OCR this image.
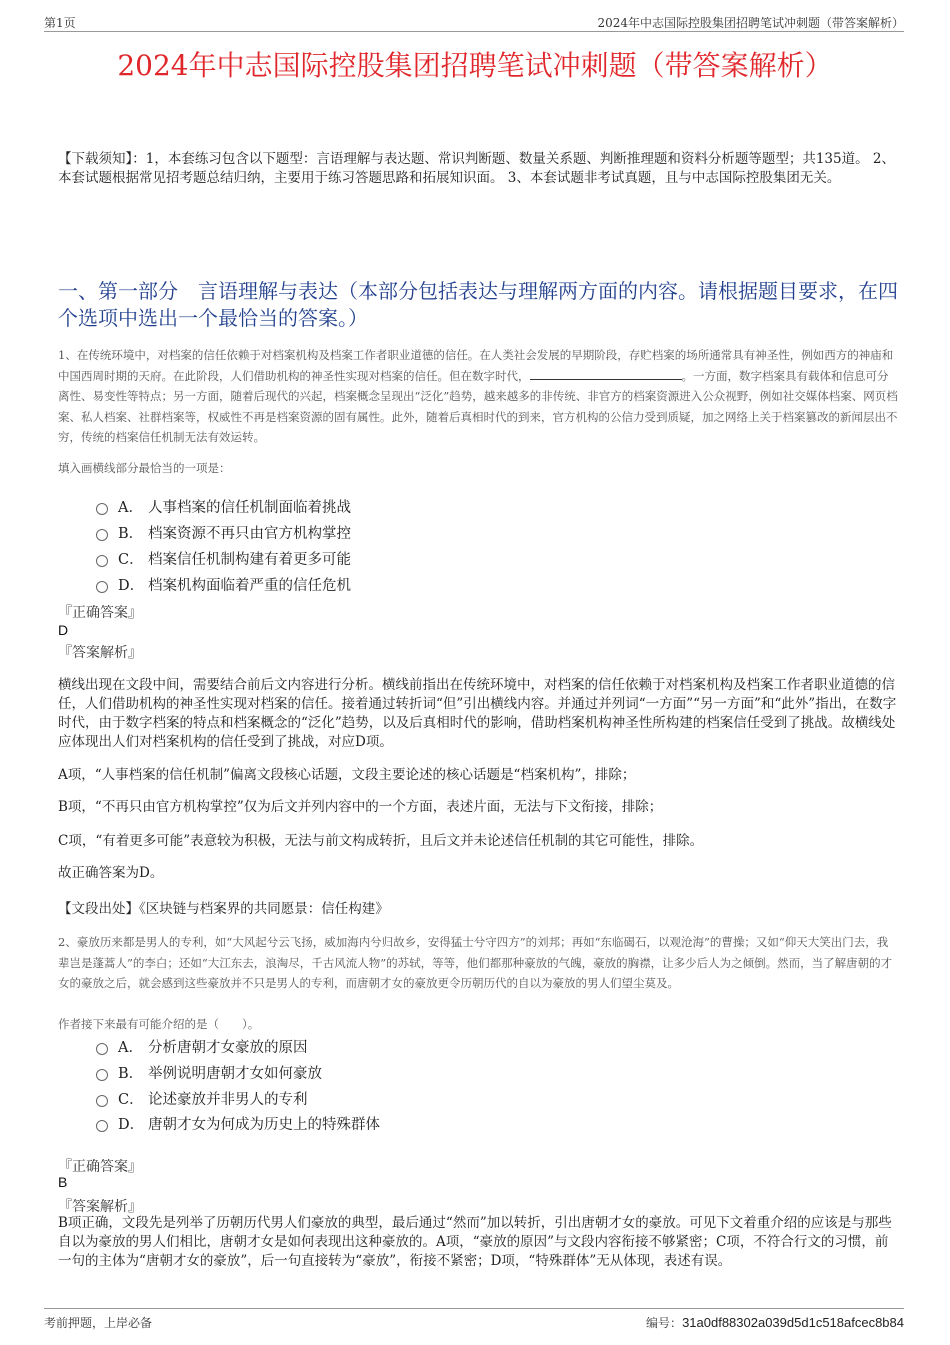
第1页	2024年中志国际控股集团招聘笔试冲刺题（带答案解析）
2024年中志国际控股集团招聘笔试冲刺题（带答案解析）
【下载须知】：1，本套练习包含以下题型：言语理解与表达题、常识判断题、数量关系题、判断推理题和资料分析题等题型；共135道。 2、本套试题根据常见招考题总结归纳，主要用于练习答题思路和拓展知识面。 3、本套试题非考试真题，且与中志国际控股集团无关。
一、第一部分　言语理解与表达（本部分包括表达与理解两方面的内容。请根据题目要求，在四个选项中选出一个最恰当的答案。）
1、在传统环境中，对档案的信任依赖于对档案机构及档案工作者职业道德的信任。在人类社会发展的早期阶段，存贮档案的场所通常具有神圣性，例如西方的神庙和中国西周时期的天府。在此阶段，人们借助机构的神圣性实现对档案的信任。但在数字时代，	。一方面，数字档案具有载体和信息可分离性、易变性等特点；另一方面，随着后现代的兴起，档案概念呈现出“泛化”趋势，越来越多的非传统、非官方的档案资源进入公众视野，例如社交媒体档案、网页档案、私人档案、社群档案等，权威性不再是档案资源的固有属性。此外，随着后真相时代的到来，官方机构的公信力受到质疑，加之网络上关于档案篡改的新闻层出不穷，传统的档案信任机制无法有效运转。
填入画横线部分最恰当的一项是：
A． 人事档案的信任机制面临着挑战
B． 档案资源不再只由官方机构掌控
C． 档案信任机制构建有着更多可能
D． 档案机构面临着严重的信任危机
『正确答案』
D
『答案解析』
横线出现在文段中间，需要结合前后文内容进行分析。横线前指出在传统环境中，对档案的信任依赖于对档案机构及档案工作者职业道德的信任，人们借助机构的神圣性实现对档案的信任。接着通过转折词“但”引出横线内容。并通过并列词“一方面”“另一方面”和“此外”指出，在数字时代，由于数字档案的特点和档案概念的“泛化”趋势，以及后真相时代的影响，借助档案机构神圣性所构建的档案信任受到了挑战。故横线处应体现出人们对档案机构的信任受到了挑战，对应D项。
A项，“人事档案的信任机制”偏离文段核心话题，文段主要论述的核心话题是“档案机构”，排除；
B项，“不再只由官方机构掌控”仅为后文并列内容中的一个方面，表述片面，无法与下文衔接，排除；
C项，“有着更多可能”表意较为积极，无法与前文构成转折，且后文并未论述信任机制的其它可能性，排除。
故正确答案为D。
【文段出处】《区块链与档案界的共同愿景：信任构建》
2、豪放历来都是男人的专利，如“大风起兮云飞扬，威加海内兮归故乡，安得猛士兮守四方”的刘邦；再如“东临碣石，以观沧海”的曹操；又如“仰天大笑出门去，我辈岂是蓬蒿人”的李白；还如“大江东去，浪淘尽，千古风流人物”的苏轼，等等，他们都那种豪放的气魄，豪放的胸襟，让多少后人为之倾倒。然而，当了解唐朝的才女的豪放之后，就会感到这些豪放并不只是男人的专利，而唐朝才女的豪放更令历朝历代的自以为豪放的男人们望尘莫及。
作者接下来最有可能介绍的是（　　）。
A． 分析唐朝才女豪放的原因
B． 举例说明唐朝才女如何豪放
C． 论述豪放并非男人的专利
D． 唐朝才女为何成为历史上的特殊群体
『正确答案』
B
『答案解析』
B项正确，文段先是列举了历朝历代男人们豪放的典型，最后通过“然而”加以转折，引出唐朝才女的豪放。可见下文着重介绍的应该是与那些自以为豪放的男人们相比，唐朝才女是如何表现出这种豪放的。A项，“豪放的原因”与文段内容衔接不够紧密；C项，不符合行文的习惯，前一句的主体为“唐朝才女的豪放”，后一句直接转为“豪放”，衔接不紧密；D项，“特殊群体”无从体现，表述有误。
考前押题，上岸必备	编号：31a0df88302a039d5d1c518afcec8b84
